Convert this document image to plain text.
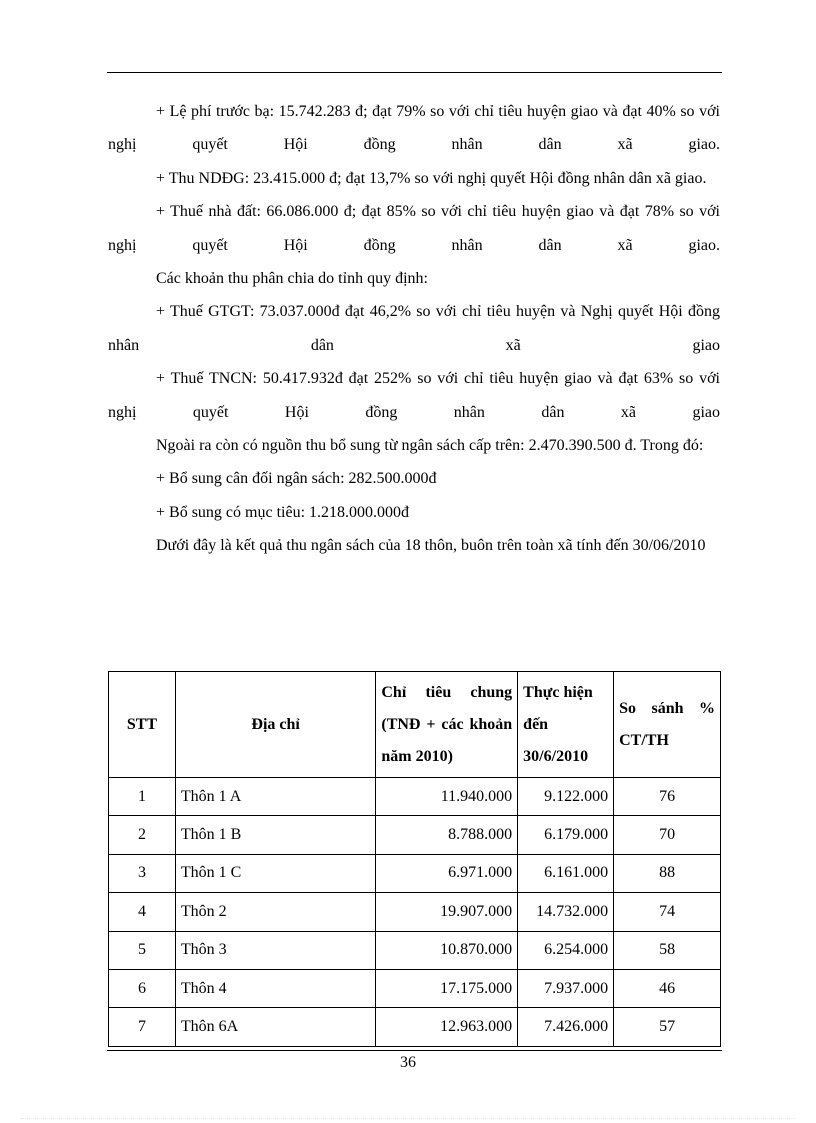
+ Lệ phí trước bạ: 15.742.283 đ; đạt 79% so với chỉ tiêu huyện giao và đạt 40% so với nghị quyết Hội đồng nhân dân xã giao.

+ Thu NDĐG: 23.415.000 đ; đạt 13,7% so với nghị quyết Hội đồng nhân dân xã giao.

+ Thuế nhà đất: 66.086.000 đ; đạt 85% so với chỉ tiêu huyện giao và đạt 78% so với nghị quyết Hội đồng nhân dân xã giao.

Các khoản thu phân chia do tỉnh quy định:

+ Thuế GTGT: 73.037.000đ đạt 46,2% so với chỉ tiêu huyện và Nghị quyết Hội đồng nhân dân xã giao

+ Thuế TNCN: 50.417.932đ đạt 252% so với chỉ tiêu huyện giao và đạt 63% so với nghị quyết Hội đồng nhân dân xã giao

Ngoài ra còn có nguồn thu bổ sung từ ngân sách cấp trên: 2.470.390.500 đ. Trong đó:

+ Bổ sung cân đối ngân sách: 282.500.000đ

+ Bổ sung có mục tiêu: 1.218.000.000đ

Dưới đây là kết quả thu ngân sách của 18 thôn, buôn trên toàn xã tính đến 30/06/2010

STT	Địa chỉ	Chỉ tiêu chung (TNĐ + các khoản năm 2010)	Thực hiện đến 30/6/2010	So sánh % CT/TH
1	Thôn 1 A	11.940.000	9.122.000	76
2	Thôn 1 B	8.788.000	6.179.000	70
3	Thôn 1 C	6.971.000	6.161.000	88
4	Thôn 2	19.907.000	14.732.000	74
5	Thôn 3	10.870.000	6.254.000	58
6	Thôn 4	17.175.000	7.937.000	46
7	Thôn 6A	12.963.000	7.426.000	57
36
